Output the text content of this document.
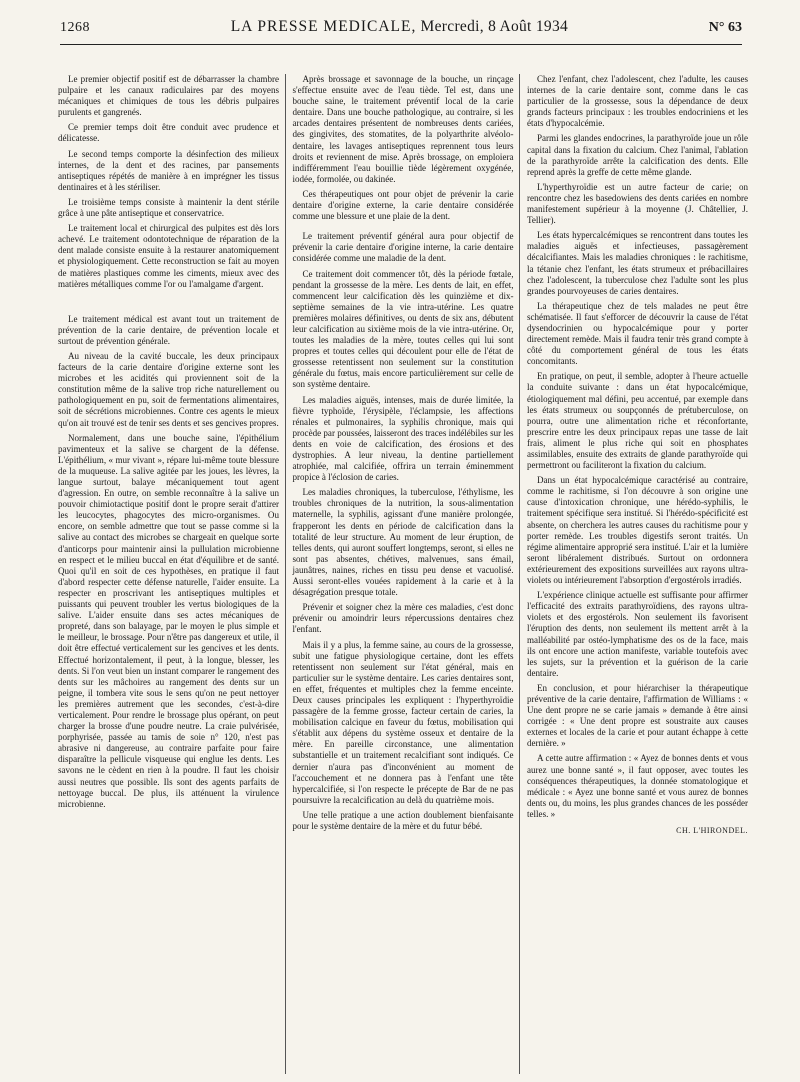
1268	LA PRESSE MEDICALE, Mercredi, 8 Août 1934	N° 63

Le premier objectif positif est de débarrasser la chambre pulpaire et les canaux radiculaires par des moyens mécaniques et chimiques de tous les débris pulpaires purulents et gangrenés.

Ce premier temps doit être conduit avec prudence et délicatesse.

Le second temps comporte la désinfection des milieux internes, de la dent et des racines, par pansements antiseptiques répétés de manière à en imprégner les tissus dentinaires et à les stériliser.

Le troisième temps consiste à maintenir la dent stérile grâce à une pâte antiseptique et conservatrice.

Le traitement local et chirurgical des pulpites est dès lors achevé. Le traitement odontotechnique de réparation de la dent malade consiste ensuite à la restaurer anatomiquement et physiologiquement. Cette reconstruction se fait au moyen de matières plastiques comme les ciments, mieux avec des matières métalliques comme l'or ou l'amalgame d'argent.

Le traitement médical est avant tout un traitement de prévention de la carie dentaire, de prévention locale et surtout de prévention générale.

Au niveau de la cavité buccale, les deux principaux facteurs de la carie dentaire d'origine externe sont les microbes et les acidités qui proviennent soit de la constitution même de la salive trop riche naturellement ou pathologiquement en pu, soit de fermentations alimentaires, soit de sécrétions microbiennes. Contre ces agents le mieux qu'on ait trouvé est de tenir ses dents et ses gencives propres.

Normalement, dans une bouche saine, l'épithélium pavimenteux et la salive se chargent de la défense. L'épithélium, « mur vivant », répare lui-même toute blessure de la muqueuse. La salive agitée par les joues, les lèvres, la langue surtout, balaye mécaniquement tout agent d'agression. En outre, on semble reconnaître à la salive un pouvoir chimiotactique positif dont le propre serait d'attirer les leucocytes, phagocytes des micro-organismes. Ou encore, on semble admettre que tout se passe comme si la salive au contact des microbes se chargeait en quelque sorte d'anticorps pour maintenir ainsi la pullulation microbienne en respect et le milieu buccal en état d'équilibre et de santé. Quoi qu'il en soit de ces hypothèses, en pratique il faut d'abord respecter cette défense naturelle, l'aider ensuite. La respecter en proscrivant les antiseptiques multiples et puissants qui peuvent troubler les vertus biologiques de la salive. L'aider ensuite dans ses actes mécaniques de propreté, dans son balayage, par le moyen le plus simple et le meilleur, le brossage. Pour n'être pas dangereux et utile, il doit être effectué verticalement sur les gencives et les dents. Effectué horizontalement, il peut, à la longue, blesser, les dents. Si l'on veut bien un instant comparer le rangement des dents sur les mâchoires au rangement des dents sur un peigne, il tombera vite sous le sens qu'on ne peut nettoyer les premières autrement que les secondes, c'est-à-dire verticalement. Pour rendre le brossage plus opérant, on peut charger la brosse d'une poudre neutre. La craie pulvérisée, porphyrisée, passée au tamis de soie n° 120, n'est pas abrasive ni dangereuse, au contraire parfaite pour faire disparaître la pellicule visqueuse qui englue les dents. Les savons ne le cèdent en rien à la poudre. Il faut les choisir aussi neutres que possible. Ils sont des agents parfaits de nettoyage buccal. De plus, ils atténuent la virulence microbienne.

Après brossage et savonnage de la bouche, un rinçage s'effectue ensuite avec de l'eau tiède. Tel est, dans une bouche saine, le traitement préventif local de la carie dentaire. Dans une bouche pathologique, au contraire, si les arcades dentaires présentent de nombreuses dents cariées, des gingivites, des stomatites, de la polyarthrite alvéolo-dentaire, les lavages antiseptiques reprennent tous leurs droits et reviennent de mise. Après brossage, on emploiera indifféremment l'eau bouillie tiède légèrement oxygénée, iodée, formolée, ou dakinée.

Ces thérapeutiques ont pour objet de prévenir la carie dentaire d'origine externe, la carie dentaire considérée comme une blessure et une plaie de la dent.

Le traitement préventif général aura pour objectif de prévenir la carie dentaire d'origine interne, la carie dentaire considérée comme une maladie de la dent.

Ce traitement doit commencer tôt, dès la période fœtale, pendant la grossesse de la mère. Les dents de lait, en effet, commencent leur calcification dès les quinzième et dix-septième semaines de la vie intra-utérine. Les quatre premières molaires définitives, ou dents de six ans, débutent leur calcification au sixième mois de la vie intra-utérine. Or, toutes les maladies de la mère, toutes celles qui lui sont propres et toutes celles qui découlent pour elle de l'état de grossesse retentissent non seulement sur la constitution générale du fœtus, mais encore particulièrement sur celle de son système dentaire.

Les maladies aiguës, intenses, mais de durée limitée, la fièvre typhoïde, l'érysipèle, l'éclampsie, les affections rénales et pulmonaires, la syphilis chronique, mais qui procède par poussées, laisseront des traces indélébiles sur les dents en voie de calcification, des érosions et des dystrophies. A leur niveau, la dentine partiellement atrophiée, mal calcifiée, offrira un terrain éminemment propice à l'éclosion de caries.

Les maladies chroniques, la tuberculose, l'éthylisme, les troubles chroniques de la nutrition, la sous-alimentation maternelle, la syphilis, agissant d'une manière prolongée, frapperont les dents en période de calcification dans la totalité de leur structure. Au moment de leur éruption, de telles dents, qui auront souffert longtemps, seront, si elles ne sont pas absentes, chétives, malvenues, sans émail, jaunâtres, naines, riches en tissu peu dense et vacuolisé. Aussi seront-elles vouées rapidement à la carie et à la désagrégation presque totale.

Prévenir et soigner chez la mère ces maladies, c'est donc prévenir ou amoindrir leurs répercussions dentaires chez l'enfant.

Mais il y a plus, la femme saine, au cours de la grossesse, subit une fatigue physiologique certaine, dont les effets retentissent non seulement sur l'état général, mais en particulier sur le système dentaire. Les caries dentaires sont, en effet, fréquentes et multiples chez la femme enceinte. Deux causes principales les expliquent : l'hyperthyroïdie passagère de la femme grosse, facteur certain de caries, la mobilisation calcique en faveur du fœtus, mobilisation qui s'établit aux dépens du système osseux et dentaire de la mère. En pareille circonstance, une alimentation substantielle et un traitement recalcifiant sont indiqués. Ce dernier n'aura pas d'inconvénient au moment de l'accouchement et ne donnera pas à l'enfant une tête hypercalcifiée, si l'on respecte le précepte de Bar de ne pas poursuivre la recalcification au delà du quatrième mois.

Une telle pratique a une action doublement bienfaisante pour le système dentaire de la mère et du futur bébé.

Chez l'enfant, chez l'adolescent, chez l'adulte, les causes internes de la carie dentaire sont, comme dans le cas particulier de la grossesse, sous la dépendance de deux grands facteurs principaux : les troubles endocriniens et les états d'hypocalcémie.

Parmi les glandes endocrines, la parathyroïde joue un rôle capital dans la fixation du calcium. Chez l'animal, l'ablation de la parathyroïde arrête la calcification des dents. Elle reprend après la greffe de cette même glande.

L'hyperthyroïdie est un autre facteur de carie; on rencontre chez les basedowiens des dents cariées en nombre manifestement supérieur à la moyenne (J. Châtellier, J. Tellier).

Les états hypercalcémiques se rencontrent dans toutes les maladies aiguës et infectieuses, passagèrement décalcifiantes. Mais les maladies chroniques : le rachitisme, la tétanie chez l'enfant, les états strumeux et prébacillaires chez l'adolescent, la tuberculose chez l'adulte sont les plus grandes pourvoyeuses de caries dentaires.

La thérapeutique chez de tels malades ne peut être schématisée. Il faut s'efforcer de découvrir la cause de l'état dysendocrinien ou hypocalcémique pour y porter directement remède. Mais il faudra tenir très grand compte à côté du comportement général de tous les états concomitants.

En pratique, on peut, il semble, adopter à l'heure actuelle la conduite suivante : dans un état hypocalcémique, étiologiquement mal défini, peu accentué, par exemple dans les états strumeux ou soupçonnés de prétuberculose, on pourra, outre une alimentation riche et réconfortante, prescrire entre les deux principaux repas une tasse de lait frais, aliment le plus riche qui soit en phosphates assimilables, ensuite des extraits de glande parathyroïde qui permettront ou faciliteront la fixation du calcium.

Dans un état hypocalcémique caractérisé au contraire, comme le rachitisme, si l'on découvre à son origine une cause d'intoxication chronique, une hérédo-syphilis, le traitement spécifique sera institué. Si l'hérédo-spécificité est absente, on cherchera les autres causes du rachitisme pour y porter remède. Les troubles digestifs seront traités. Un régime alimentaire approprié sera institué. L'air et la lumière seront libéralement distribués. Surtout on ordonnera extérieurement des expositions surveillées aux rayons ultra-violets ou intérieurement l'absorption d'ergostérols irradiés.

L'expérience clinique actuelle est suffisante pour affirmer l'efficacité des extraits parathyroïdiens, des rayons ultra-violets et des ergostérols. Non seulement ils favorisent l'éruption des dents, non seulement ils mettent arrêt à la malléabilité par ostéo-lymphatisme des os de la face, mais ils ont encore une action manifeste, variable toutefois avec les sujets, sur la prévention et la guérison de la carie dentaire.

En conclusion, et pour hiérarchiser la thérapeutique préventive de la carie dentaire, l'affirmation de Williams : « Une dent propre ne se carie jamais » demande à être ainsi corrigée : « Une dent propre est soustraite aux causes externes et locales de la carie et pour autant échappe à cette dernière. »

A cette autre affirmation : « Ayez de bonnes dents et vous aurez une bonne santé », il faut opposer, avec toutes les conséquences thérapeutiques, la donnée stomatologique et médicale : « Ayez une bonne santé et vous aurez de bonnes dents ou, du moins, les plus grandes chances de les posséder telles. »

CH. L'HIRONDEL.
